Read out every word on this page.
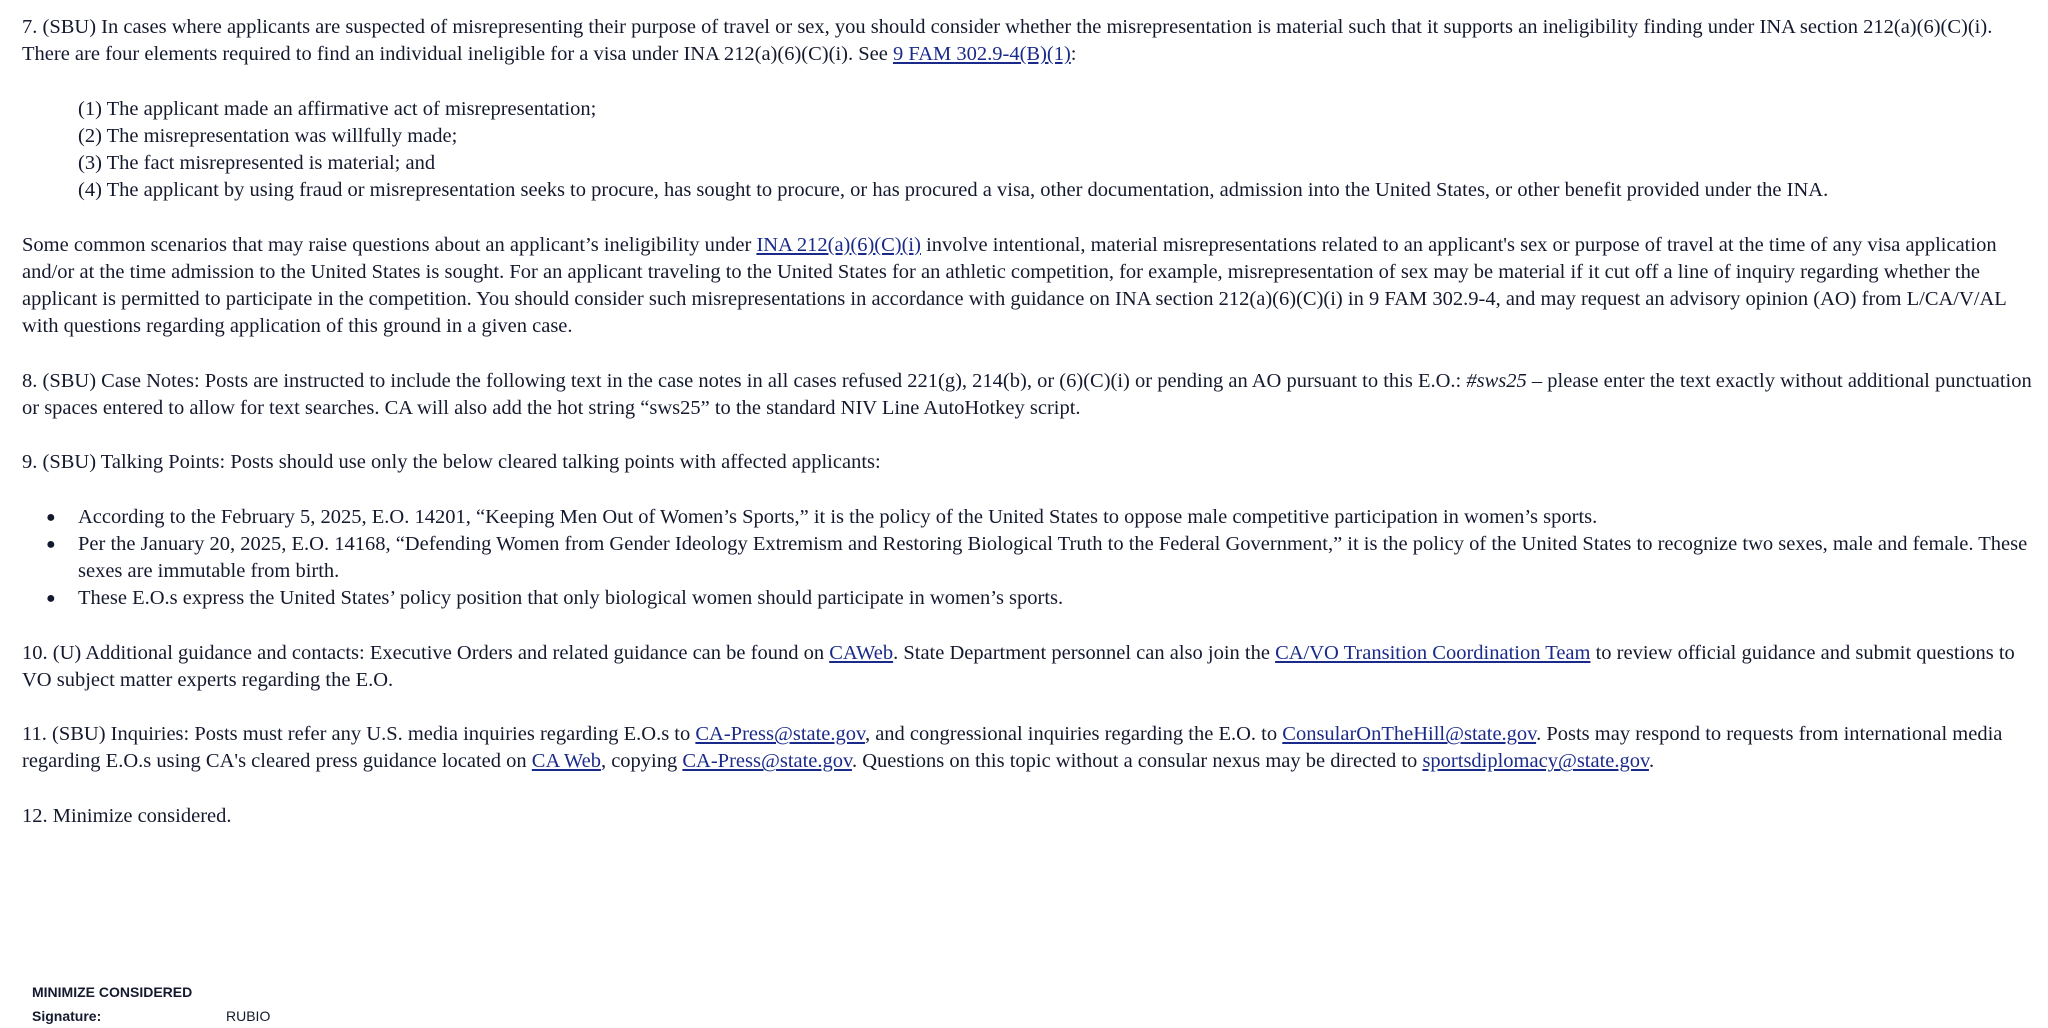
7. (SBU) In cases where applicants are suspected of misrepresenting their purpose of travel or sex, you should consider whether the misrepresentation is material such that it supports an ineligibility finding under INA section 212(a)(6)(C)(i). There are four elements required to find an individual ineligible for a visa under INA 212(a)(6)(C)(i). See 9 FAM 302.9-4(B)(1):

(1) The applicant made an affirmative act of misrepresentation;
(2) The misrepresentation was willfully made;
(3) The fact misrepresented is material; and
(4) The applicant by using fraud or misrepresentation seeks to procure, has sought to procure, or has procured a visa, other documentation, admission into the United States, or other benefit provided under the INA.

Some common scenarios that may raise questions about an applicant’s ineligibility under INA 212(a)(6)(C)(i) involve intentional, material misrepresentations related to an applicant's sex or purpose of travel at the time of any visa application and/or at the time admission to the United States is sought. For an applicant traveling to the United States for an athletic competition, for example, misrepresentation of sex may be material if it cut off a line of inquiry regarding whether the applicant is permitted to participate in the competition. You should consider such misrepresentations in accordance with guidance on INA section 212(a)(6)(C)(i) in 9 FAM 302.9-4, and may request an advisory opinion (AO) from L/CA/V/AL with questions regarding application of this ground in a given case.

8. (SBU) Case Notes: Posts are instructed to include the following text in the case notes in all cases refused 221(g), 214(b), or (6)(C)(i) or pending an AO pursuant to this E.O.: #sws25 – please enter the text exactly without additional punctuation or spaces entered to allow for text searches. CA will also add the hot string “sws25” to the standard NIV Line AutoHotkey script.

9. (SBU) Talking Points: Posts should use only the below cleared talking points with affected applicants:

● According to the February 5, 2025, E.O. 14201, “Keeping Men Out of Women’s Sports,” it is the policy of the United States to oppose male competitive participation in women’s sports.
● Per the January 20, 2025, E.O. 14168, “Defending Women from Gender Ideology Extremism and Restoring Biological Truth to the Federal Government,” it is the policy of the United States to recognize two sexes, male and female. These sexes are immutable from birth.
● These E.O.s express the United States’ policy position that only biological women should participate in women’s sports.

10. (U) Additional guidance and contacts: Executive Orders and related guidance can be found on CAWeb. State Department personnel can also join the CA/VO Transition Coordination Team to review official guidance and submit questions to VO subject matter experts regarding the E.O.

11. (SBU) Inquiries: Posts must refer any U.S. media inquiries regarding E.O.s to CA-Press@state.gov, and congressional inquiries regarding the E.O. to ConsularOnTheHill@state.gov. Posts may respond to requests from international media regarding E.O.s using CA's cleared press guidance located on CA Web, copying CA-Press@state.gov. Questions on this topic without a consular nexus may be directed to sportsdiplomacy@state.gov.

12. Minimize considered.

MINIMIZE CONSIDERED
Signature:	RUBIO
